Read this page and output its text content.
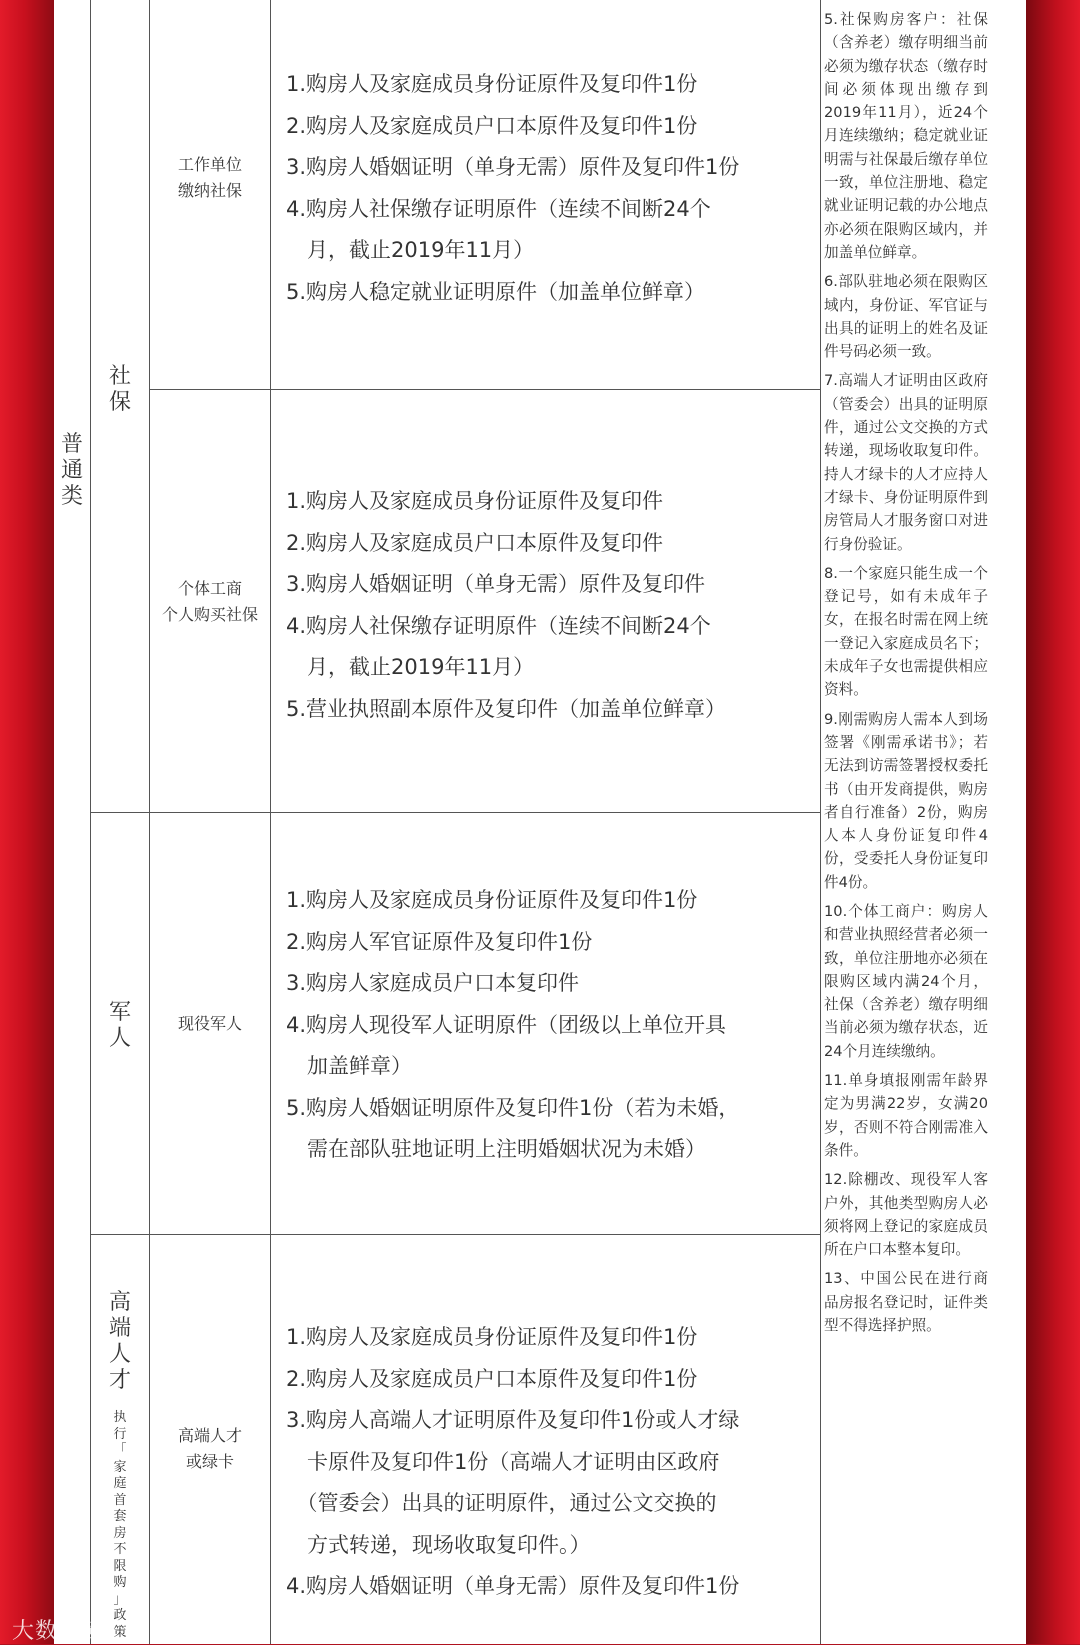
普
通
类
社
保
军
人
高
端
人
才
执
行
「
家
庭
首
套
房
不
限
购
」
政
策
工作单位
缴纳社保
个体工商
个人购买社保
现役军人
高端人才
或绿卡
1.购房人及家庭成员身份证原件及复印件1份
2.购房人及家庭成员户口本原件及复印件1份
3.购房人婚姻证明（单身无需）原件及复印件1份
4.购房人社保缴存证明原件（连续不间断24个
　月，截止2019年11月）
5.购房人稳定就业证明原件（加盖单位鲜章）
1.购房人及家庭成员身份证原件及复印件
2.购房人及家庭成员户口本原件及复印件
3.购房人婚姻证明（单身无需）原件及复印件
4.购房人社保缴存证明原件（连续不间断24个
　月，截止2019年11月）
5.营业执照副本原件及复印件（加盖单位鲜章）
1.购房人及家庭成员身份证原件及复印件1份
2.购房人军官证原件及复印件1份
3.购房人家庭成员户口本复印件
4.购房人现役军人证明原件（团级以上单位开具
　加盖鲜章）
5.购房人婚姻证明原件及复印件1份（若为未婚，
　需在部队驻地证明上注明婚姻状况为未婚）
1.购房人及家庭成员身份证原件及复印件1份
2.购房人及家庭成员户口本原件及复印件1份
3.购房人高端人才证明原件及复印件1份或人才绿
　卡原件及复印件1份（高端人才证明由区政府
　（管委会）出具的证明原件，通过公文交换的
　方式转递，现场收取复印件。）
4.购房人婚姻证明（单身无需）原件及复印件1份

5.社保购房客户：社保（含养老）缴存明细当前必须为缴存状态（缴存时间必须体现出缴存到2019年11月），近24个月连续缴纳；稳定就业证明需与社保最后缴存单位一致，单位注册地、稳定就业证明记载的办公地点亦必须在限购区域内，并加盖单位鲜章。

6.部队驻地必须在限购区域内，身份证、军官证与出具的证明上的姓名及证件号码必须一致。

7.高端人才证明由区政府（管委会）出具的证明原件，通过公文交换的方式转递，现场收取复印件。持人才绿卡的人才应持人才绿卡、身份证明原件到房管局人才服务窗口对进行身份验证。

8.一个家庭只能生成一个登记号，如有未成年子女，在报名时需在网上统一登记入家庭成员名下；未成年子女也需提供相应资料。

9.刚需购房人需本人到场签署《刚需承诺书》；若无法到访需签署授权委托书（由开发商提供，购房者自行准备）2份，购房人本人身份证复印件4份，受委托人身份证复印件4份。

10.个体工商户：购房人和营业执照经营者必须一致，单位注册地亦必须在限购区域内满24个月，社保（含养老）缴存明细当前必须为缴存状态，近24个月连续缴纳。

11.单身填报刚需年龄界定为男满22岁，女满20岁，否则不符合刚需准入条件。

12.除棚改、现役军人客户外，其他类型购房人必须将网上登记的家庭成员所在户口本整本复印。

13、中国公民在进行商品房报名登记时，证件类型不得选择护照。

大数跨境
